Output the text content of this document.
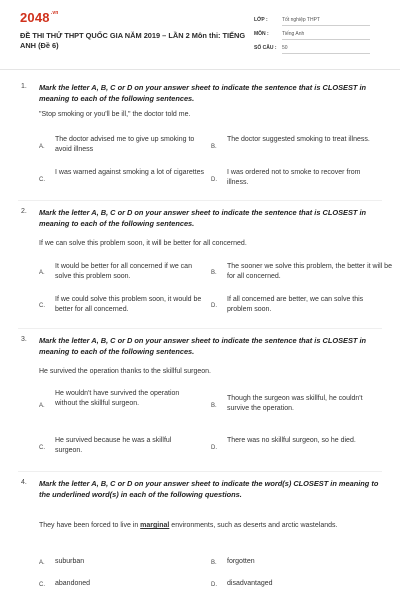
$2048^{.vn}$
ĐỀ THI THỬ THPT QUỐC GIA NĂM 2019 – LẦN 2 Môn thi: TIẾNG ANH (Đề 6)
LỚP :	Tốt nghiệp THPT
MÔN :	Tiếng Anh
SỐ CÂU : 50
1. Mark the letter A, B, C or D on your answer sheet to indicate the sentence that is CLOSEST in meaning to each of the following sentences.
"Stop smoking or you'll be ill," the doctor told me.
A.
The doctor advised me to give up smoking to avoid illness	B.
The doctor suggested smoking to treat illness.
C.
I was warned against smoking a lot of cigarettes
D.
I was ordered not to smoke to recover from illness.
2. Mark the letter A, B, C or D on your answer sheet to indicate the sentence that is CLOSEST in meaning to each of the following sentences.
If we can solve this problem soon, it will be better for all concerned.
A.
It would be better for all concerned if we can solve this problem soon.	B.
The sooner we solve this problem, the better it will be for all concerned.
C.
If we could solve this problem soon, it would be better for all concerned.	D.
If all concerned are better, we can solve this problem soon.
3. Mark the letter A, B, C or D on your answer sheet to indicate the sentence that is CLOSEST in meaning to each of the following sentences.
He survived the operation thanks to the skillful surgeon.
A.
He wouldn't have survived the operation without the skillful surgeon.	B.
Though the surgeon was skillful, he couldn't survive the operation.
C.
He survived because he was a skillful surgeon.	D.
There was no skillful surgeon, so he died.
4. Mark the letter A, B, C or D on your answer sheet to indicate the word(s) CLOSEST in meaning to the underlined word(s) in each of the following questions.
They have been forced to live in marginal environments, such as deserts and arctic wastelands.
A. suburban	B. forgotten
C. abandoned	D. disadvantaged
